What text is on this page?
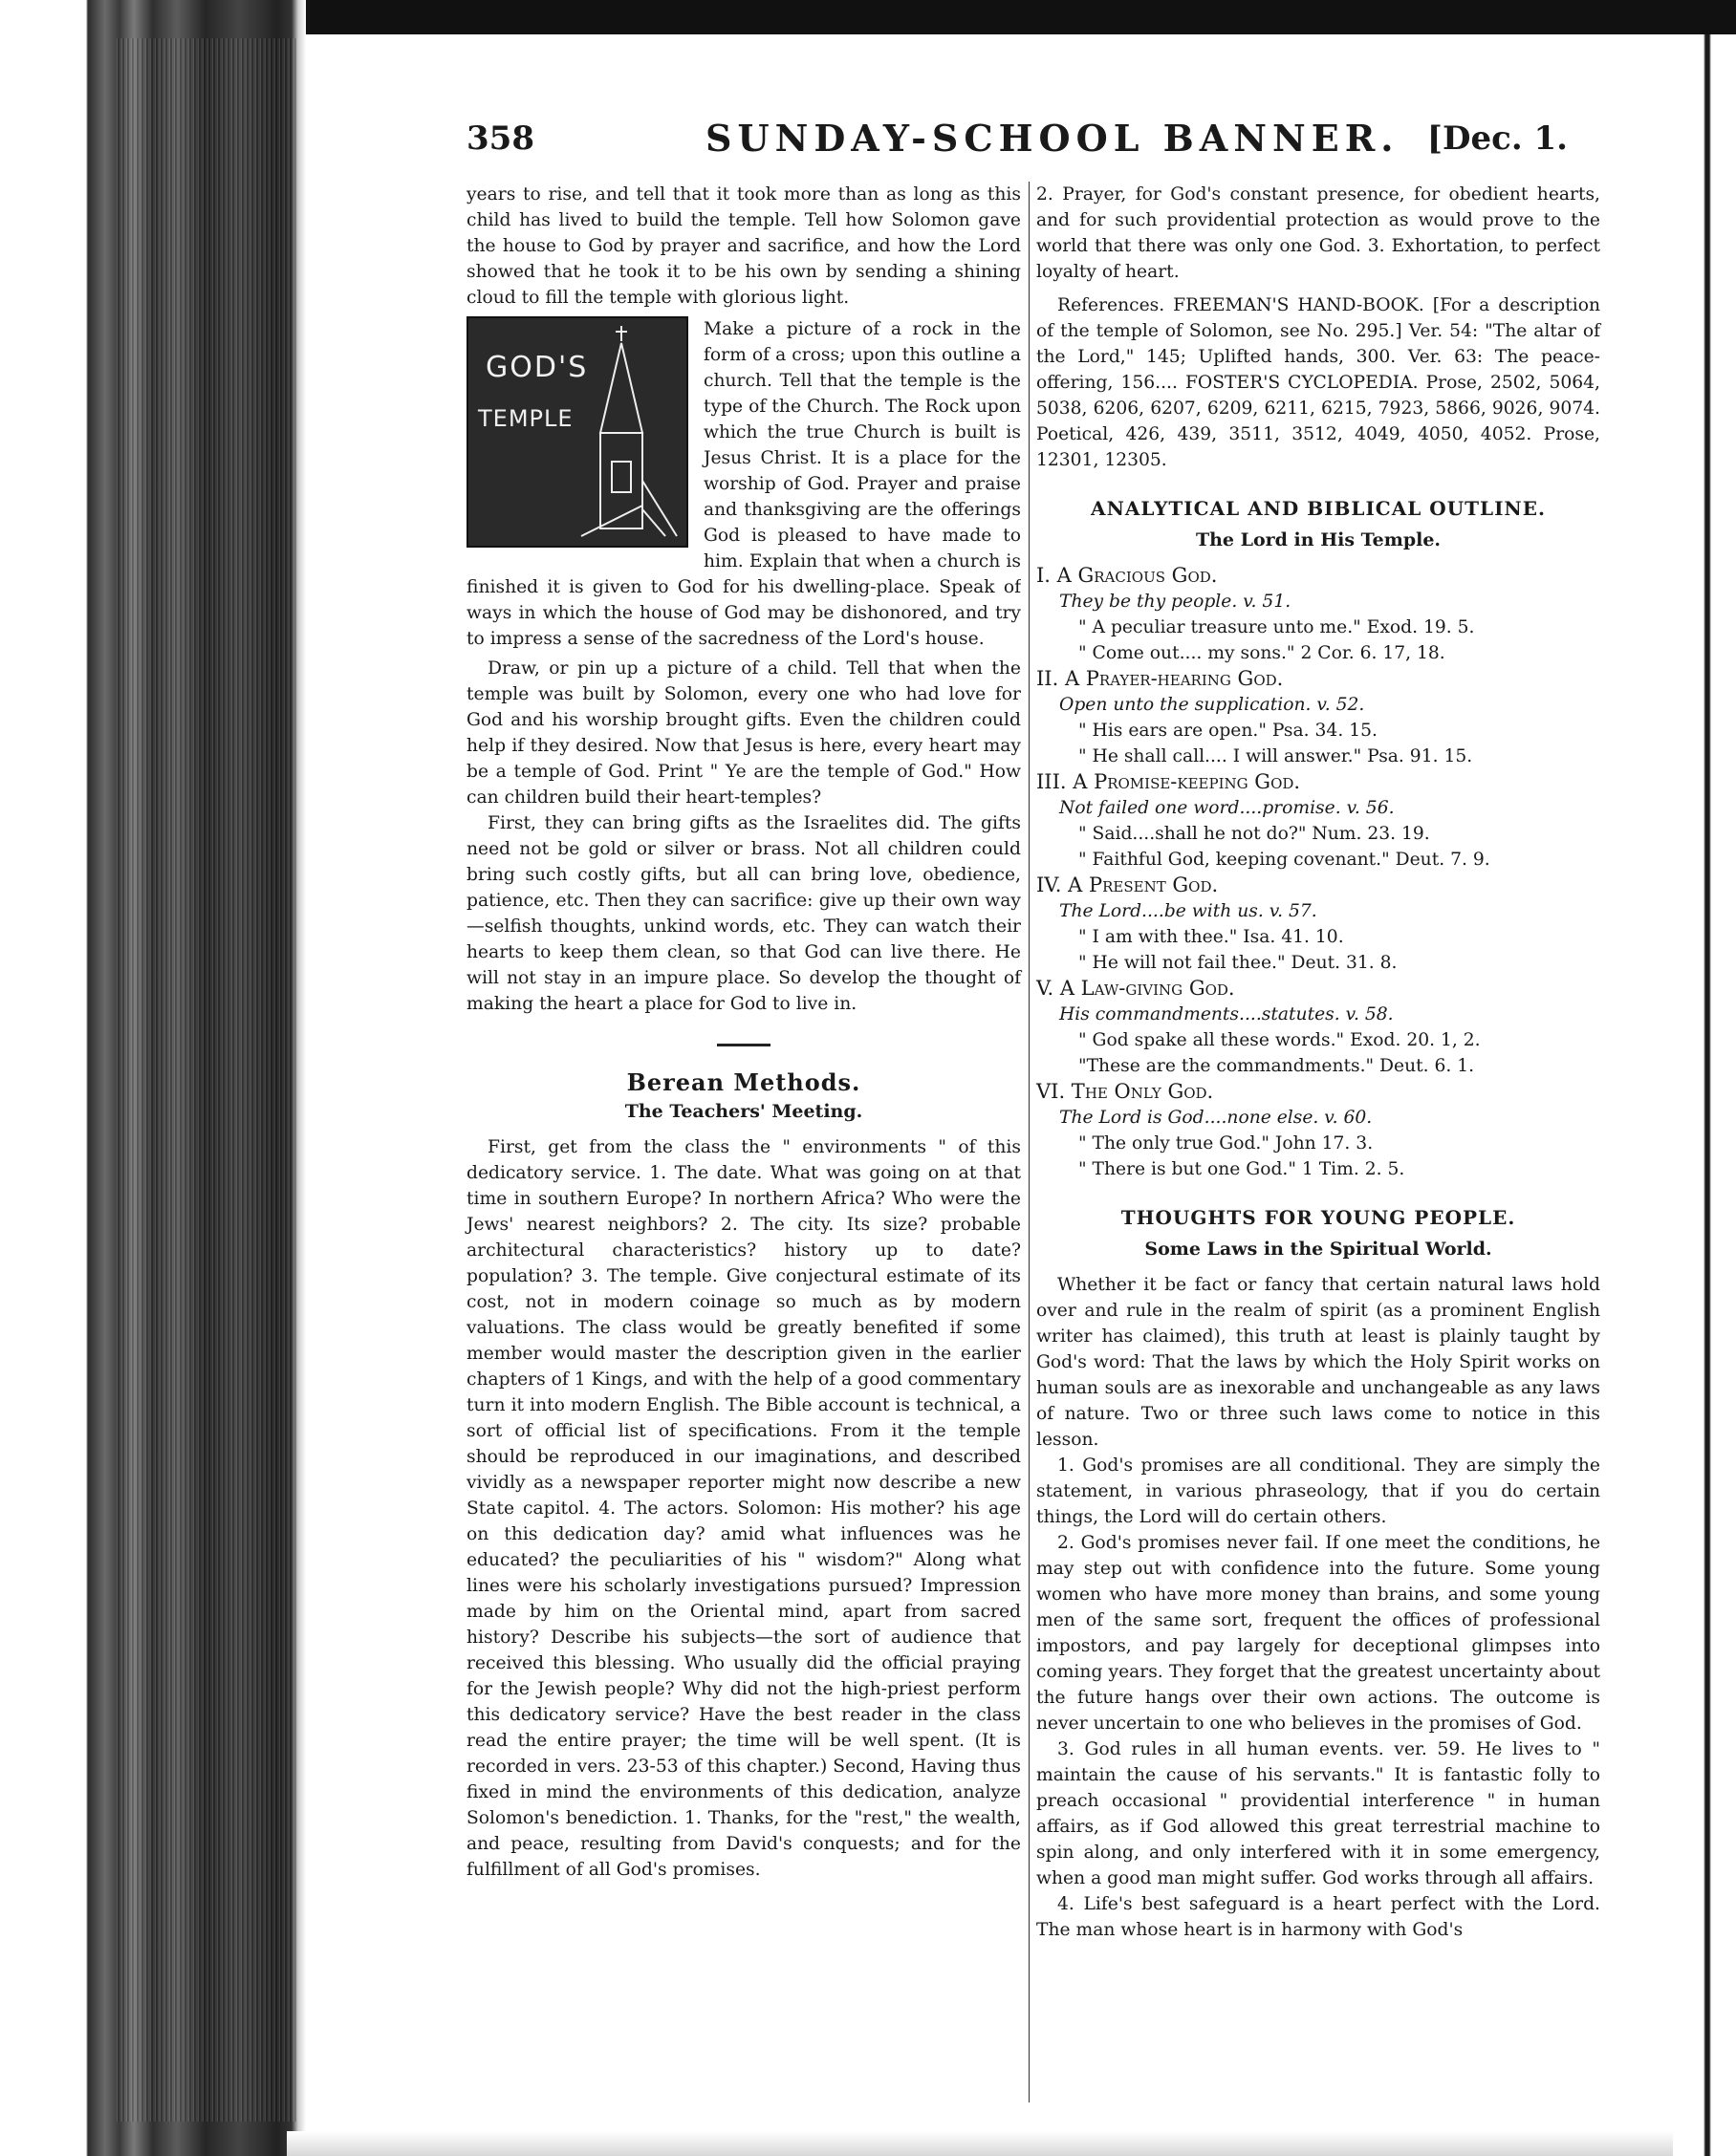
358	SUNDAY-SCHOOL BANNER. [Dec. 1.

years to rise, and tell that it took more than as long as this child has lived to build the temple. Tell how Solomon gave the house to God by prayer and sacrifice, and how the Lord showed that he took it to be his own by sending a shining cloud to fill the temple with glorious light.

GOD'S
TEMPLE

Make a picture of a rock in the form of a cross; upon this outline a church. Tell that the temple is the type of the Church. The Rock upon which the true Church is built is Jesus Christ. It is a place for the worship of God. Prayer and praise and thanksgiving are the offerings God is pleased to have made to him. Explain that when a church is finished it is given to God for his dwelling-place. Speak of ways in which the house of God may be dishonored, and try to impress a sense of the sacredness of the Lord's house.

Draw, or pin up a picture of a child. Tell that when the temple was built by Solomon, every one who had love for God and his worship brought gifts. Even the children could help if they desired. Now that Jesus is here, every heart may be a temple of God. Print " Ye are the temple of God." How can children build their heart-temples?

First, they can bring gifts as the Israelites did. The gifts need not be gold or silver or brass. Not all children could bring such costly gifts, but all can bring love, obedience, patience, etc. Then they can sacrifice: give up their own way—selfish thoughts, unkind words, etc. They can watch their hearts to keep them clean, so that God can live there. He will not stay in an impure place. So develop the thought of making the heart a place for God to live in.

Berean Methods.
The Teachers' Meeting.

First, get from the class the " environments " of this dedicatory service. 1. The date. What was going on at that time in southern Europe? In northern Africa? Who were the Jews' nearest neighbors? 2. The city. Its size? probable architectural characteristics? history up to date? population? 3. The temple. Give conjectural estimate of its cost, not in modern coinage so much as by modern valuations. The class would be greatly benefited if some member would master the description given in the earlier chapters of 1 Kings, and with the help of a good commentary turn it into modern English. The Bible account is technical, a sort of official list of specifications. From it the temple should be reproduced in our imaginations, and described vividly as a newspaper reporter might now describe a new State capitol. 4. The actors. Solomon: His mother? his age on this dedication day? amid what influences was he educated? the peculiarities of his " wisdom?" Along what lines were his scholarly investigations pursued? Impression made by him on the Oriental mind, apart from sacred history? Describe his subjects—the sort of audience that received this blessing. Who usually did the official praying for the Jewish people? Why did not the high-priest perform this dedicatory service? Have the best reader in the class read the entire prayer; the time will be well spent. (It is recorded in vers. 23-53 of this chapter.) Second, Having thus fixed in mind the environments of this dedication, analyze Solomon's benediction. 1. Thanks, for the "rest," the wealth, and peace, resulting from David's conquests; and for the fulfillment of all God's promises.

2. Prayer, for God's constant presence, for obedient hearts, and for such providential protection as would prove to the world that there was only one God. 3. Exhortation, to perfect loyalty of heart.

References. FREEMAN'S HAND-BOOK. [For a description of the temple of Solomon, see No. 295.] Ver. 54: "The altar of the Lord," 145; Uplifted hands, 300. Ver. 63: The peace-offering, 156.... FOSTER'S CYCLOPEDIA. Prose, 2502, 5064, 5038, 6206, 6207, 6209, 6211, 6215, 7923, 5866, 9026, 9074. Poetical, 426, 439, 3511, 3512, 4049, 4050, 4052. Prose, 12301, 12305.

ANALYTICAL AND BIBLICAL OUTLINE.
The Lord in His Temple.

I. A Gracious God.

They be thy people. v. 51.

" A peculiar treasure unto me." Exod. 19. 5.

" Come out.... my sons." 2 Cor. 6. 17, 18.

II. A Prayer-hearing God.

Open unto the supplication. v. 52.

" His ears are open." Psa. 34. 15.

" He shall call.... I will answer." Psa. 91. 15.

III. A Promise-keeping God.

Not failed one word....promise. v. 56.

" Said....shall he not do?" Num. 23. 19.

" Faithful God, keeping covenant." Deut. 7. 9.

IV. A Present God.

The Lord....be with us. v. 57.

" I am with thee." Isa. 41. 10.

" He will not fail thee." Deut. 31. 8.

V. A Law-giving God.

His commandments....statutes. v. 58.

" God spake all these words." Exod. 20. 1, 2.

"These are the commandments." Deut. 6. 1.

VI. The Only God.

The Lord is God....none else. v. 60.

" The only true God." John 17. 3.

" There is but one God." 1 Tim. 2. 5.

THOUGHTS FOR YOUNG PEOPLE.
Some Laws in the Spiritual World.

Whether it be fact or fancy that certain natural laws hold over and rule in the realm of spirit (as a prominent English writer has claimed), this truth at least is plainly taught by God's word: That the laws by which the Holy Spirit works on human souls are as inexorable and unchangeable as any laws of nature. Two or three such laws come to notice in this lesson.

1. God's promises are all conditional. They are simply the statement, in various phraseology, that if you do certain things, the Lord will do certain others.

2. God's promises never fail. If one meet the conditions, he may step out with confidence into the future. Some young women who have more money than brains, and some young men of the same sort, frequent the offices of professional impostors, and pay largely for deceptional glimpses into coming years. They forget that the greatest uncertainty about the future hangs over their own actions. The outcome is never uncertain to one who believes in the promises of God.

3. God rules in all human events. ver. 59. He lives to " maintain the cause of his servants." It is fantastic folly to preach occasional " providential interference " in human affairs, as if God allowed this great terrestrial machine to spin along, and only interfered with it in some emergency, when a good man might suffer. God works through all affairs.

4. Life's best safeguard is a heart perfect with the Lord. The man whose heart is in harmony with God's
